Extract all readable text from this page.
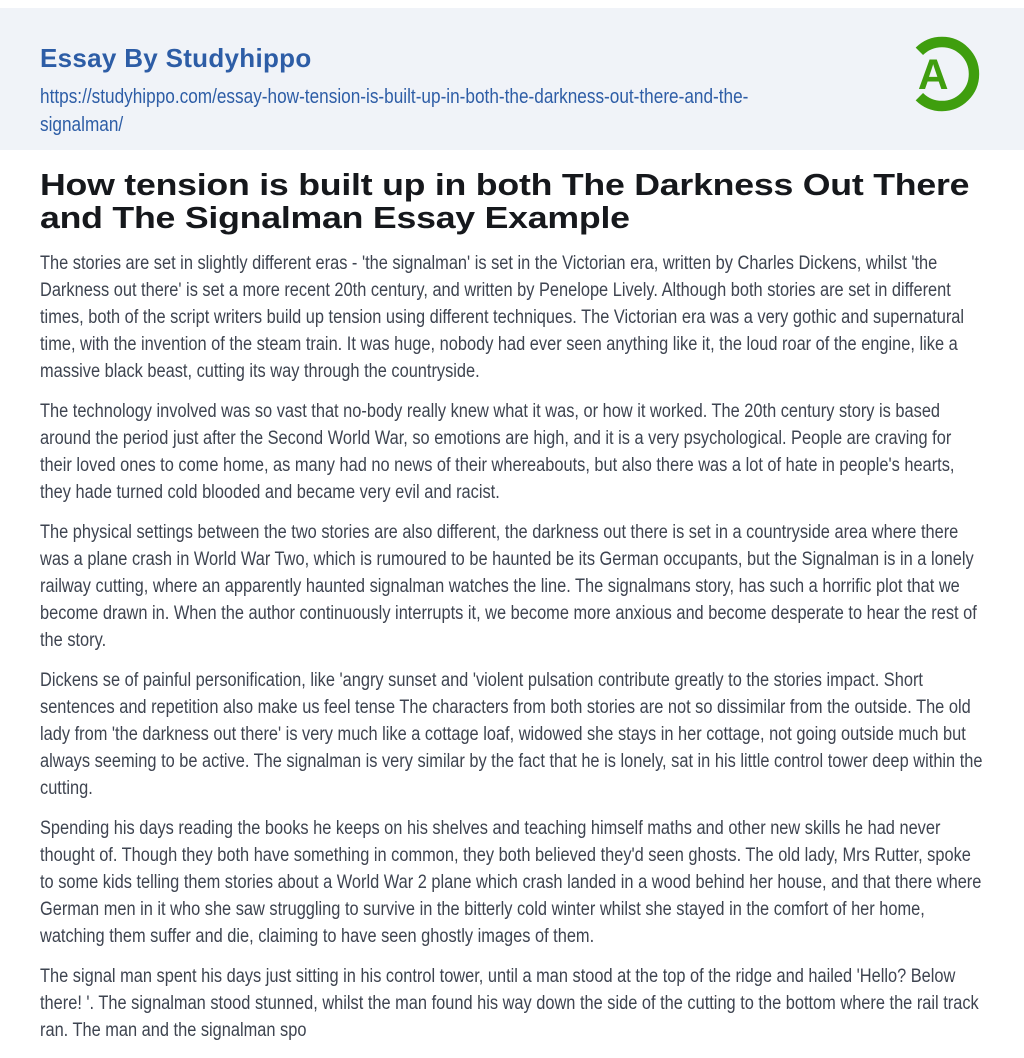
Essay By Studyhippo
https://studyhippo.com/essay-how-tension-is-built-up-in-both-the-darkness-out-there-and-the-signalman/
A
How tension is built up in both The Darkness Out There and The Signalman Essay Example

The stories are set in slightly different eras - 'the signalman' is set in the Victorian era, written by Charles Dickens, whilst 'the Darkness out there' is set a more recent 20th century, and written by Penelope Lively. Although both stories are set in different times, both of the script writers build up tension using different techniques. The Victorian era was a very gothic and supernatural time, with the invention of the steam train. It was huge, nobody had ever seen anything like it, the loud roar of the engine, like a massive black beast, cutting its way through the countryside.

The technology involved was so vast that no-body really knew what it was, or how it worked. The 20th century story is based around the period just after the Second World War, so emotions are high, and it is a very psychological. People are craving for their loved ones to come home, as many had no news of their whereabouts, but also there was a lot of hate in people's hearts, they hade turned cold blooded and became very evil and racist.

The physical settings between the two stories are also different, the darkness out there is set in a countryside area where there was a plane crash in World War Two, which is rumoured to be haunted be its German occupants, but the Signalman is in a lonely railway cutting, where an apparently haunted signalman watches the line. The signalmans story, has such a horrific plot that we become drawn in. When the author continuously interrupts it, we become more anxious and become desperate to hear the rest of the story.

Dickens se of painful personification, like 'angry sunset and 'violent pulsation contribute greatly to the stories impact. Short sentences and repetition also make us feel tense The characters from both stories are not so dissimilar from the outside. The old lady from 'the darkness out there' is very much like a cottage loaf, widowed she stays in her cottage, not going outside much but always seeming to be active. The signalman is very similar by the fact that he is lonely, sat in his little control tower deep within the cutting.

Spending his days reading the books he keeps on his shelves and teaching himself maths and other new skills he had never thought of. Though they both have something in common, they both believed they'd seen ghosts. The old lady, Mrs Rutter, spoke to some kids telling them stories about a World War 2 plane which crash landed in a wood behind her house, and that there where German men in it who she saw struggling to survive in the bitterly cold winter whilst she stayed in the comfort of her home, watching them suffer and die, claiming to have seen ghostly images of them.

The signal man spent his days just sitting in his control tower, until a man stood at the top of the ridge and hailed 'Hello? Below there! '. The signalman stood stunned, whilst the man found his way down the side of the cutting to the bottom where the rail track ran. The man and the signalman spo
